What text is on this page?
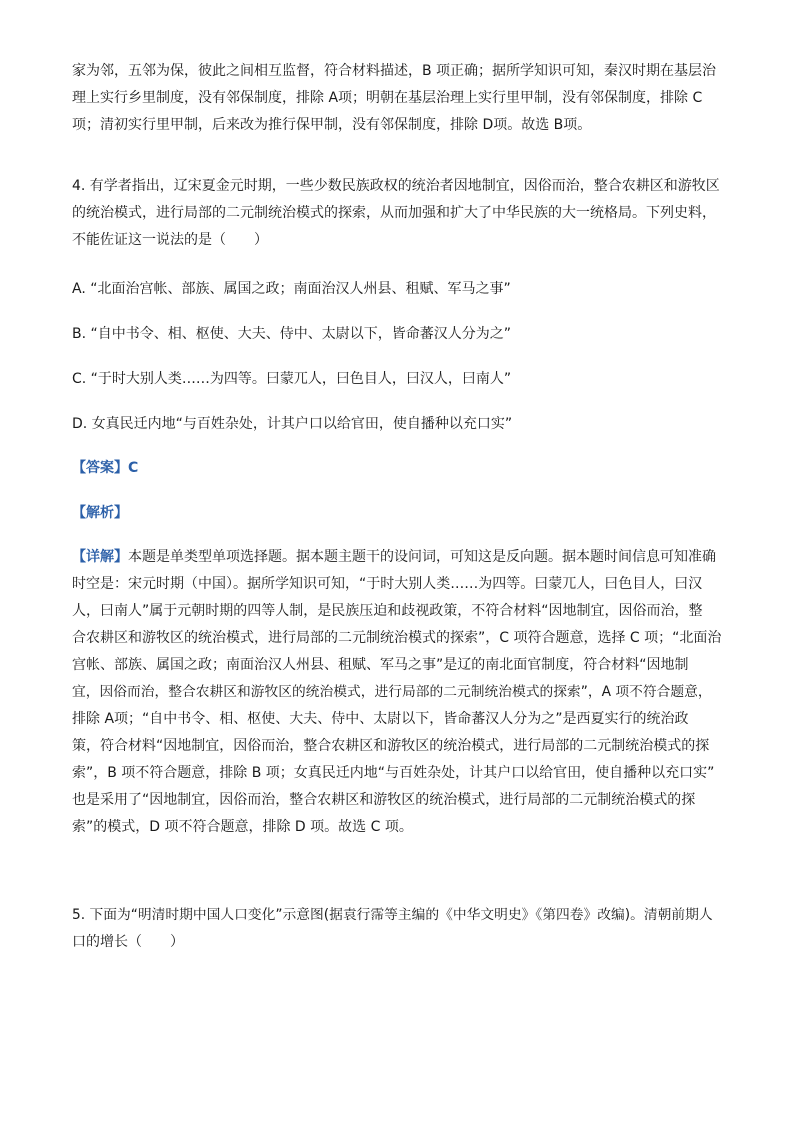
家为邻，五邻为保，彼此之间相互监督，符合材料描述，B 项正确；据所学知识可知，秦汉时期在基层治
理上实行乡里制度，没有邻保制度，排除 A项；明朝在基层治理上实行里甲制，没有邻保制度，排除 C
项；清初实行里甲制，后来改为推行保甲制，没有邻保制度，排除 D项。故选 B项。
4. 有学者指出，辽宋夏金元时期，一些少数民族政权的统治者因地制宜，因俗而治，整合农耕区和游牧区
的统治模式，进行局部的二元制统治模式的探索，从而加强和扩大了中华民族的大一统格局。下列史料，
不能佐证这一说法的是（　　）

A. “北面治宫帐、部族、属国之政；南面治汉人州县、租赋、军马之事”

B. “自中书令、相、枢使、大夫、侍中、太尉以下，皆命蕃汉人分为之”

C. “于时大别人类……为四等。曰蒙兀人，曰色目人，曰汉人，曰南人”

D. 女真民迁内地“与百姓杂处，计其户口以给官田，使自播种以充口实”

【答案】C

【解析】

【详解】本题是单类型单项选择题。据本题主题干的设问词，可知这是反向题。据本题时间信息可知准确
时空是：宋元时期（中国）。据所学知识可知，“于时大别人类……为四等。曰蒙兀人，曰色目人，曰汉
人，曰南人”属于元朝时期的四等人制，是民族压迫和歧视政策，不符合材料“因地制宜，因俗而治，整
合农耕区和游牧区的统治模式，进行局部的二元制统治模式的探索”，C 项符合题意，选择 C 项；“北面治
宫帐、部族、属国之政；南面治汉人州县、租赋、军马之事”是辽的南北面官制度，符合材料“因地制
宜，因俗而治，整合农耕区和游牧区的统治模式，进行局部的二元制统治模式的探索”，A 项不符合题意，
排除 A项；“自中书令、相、枢使、大夫、侍中、太尉以下，皆命蕃汉人分为之”是西夏实行的统治政
策，符合材料“因地制宜，因俗而治，整合农耕区和游牧区的统治模式，进行局部的二元制统治模式的探
索”，B 项不符合题意，排除 B 项；女真民迁内地“与百姓杂处，计其户口以给官田，使自播种以充口实”
也是采用了“因地制宜，因俗而治，整合农耕区和游牧区的统治模式，进行局部的二元制统治模式的探
索”的模式，D 项不符合题意，排除 D 项。故选 C 项。
5. 下面为“明清时期中国人口变化”示意图(据袁行霈等主编的《中华文明史》《第四卷》改编)。清朝前期人
口的增长（　　）
